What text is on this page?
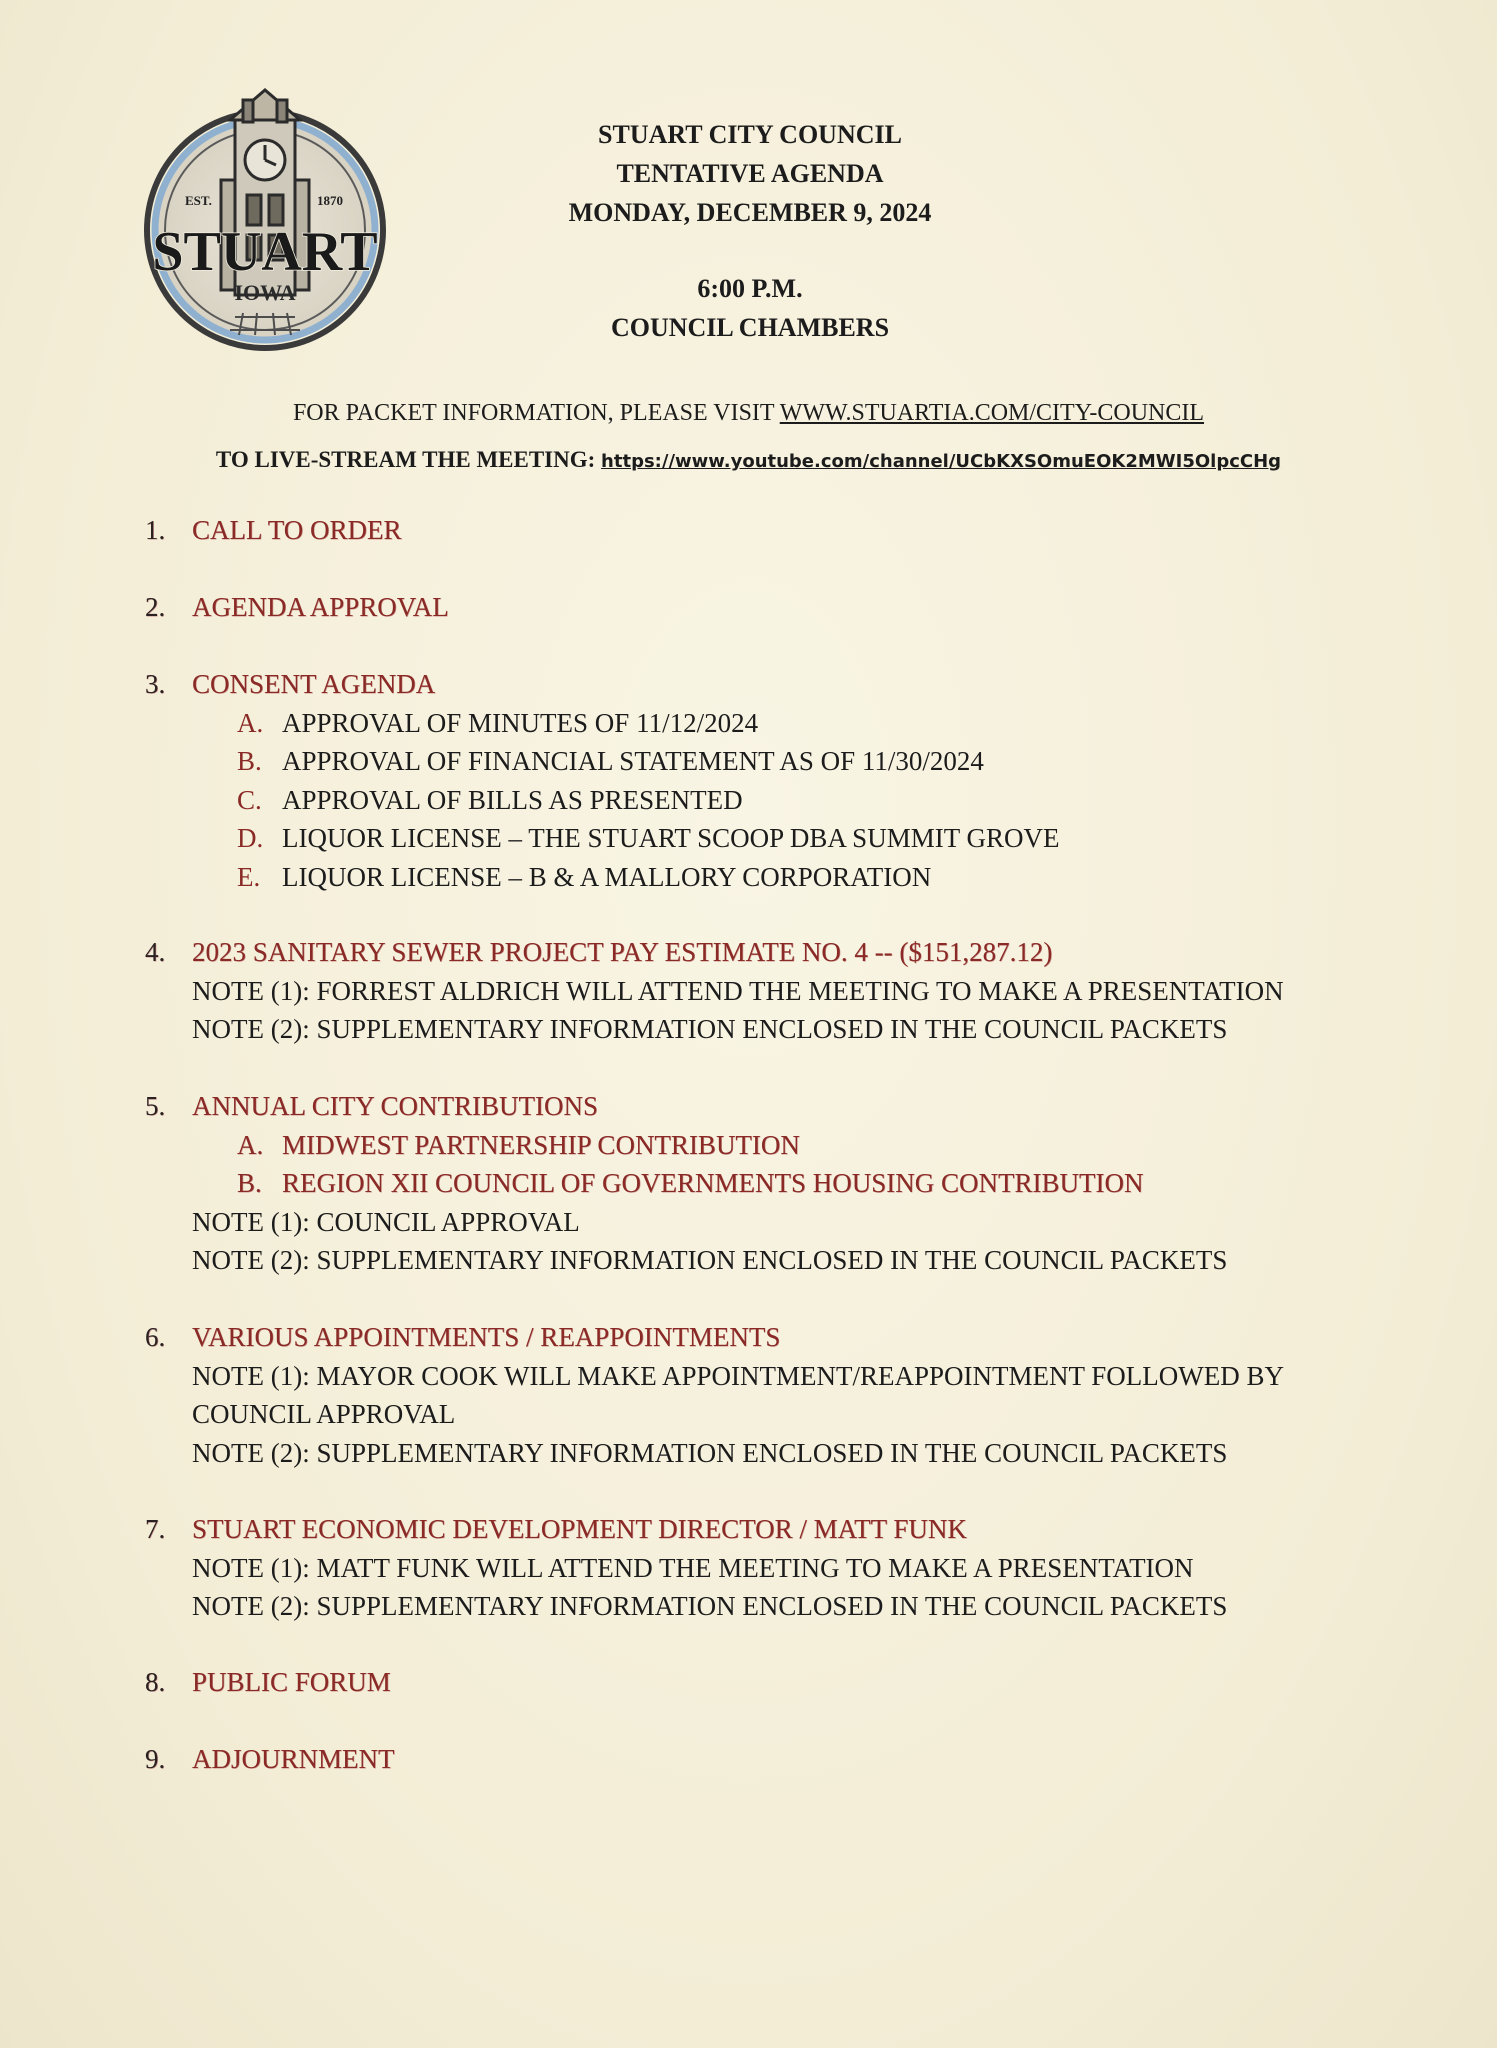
EST.	1870
STUART
IOWA
STUART CITY COUNCIL
TENTATIVE AGENDA
MONDAY, DECEMBER 9, 2024
6:00 P.M.
COUNCIL CHAMBERS
FOR PACKET INFORMATION, PLEASE VISIT WWW.STUARTIA.COM/CITY-COUNCIL
TO LIVE-STREAM THE MEETING: https://www.youtube.com/channel/UCbKXSOmuEOK2MWI5OlpcCHg
1. CALL TO ORDER
2. AGENDA APPROVAL
3. CONSENT AGENDA
A. APPROVAL OF MINUTES OF 11/12/2024
B. APPROVAL OF FINANCIAL STATEMENT AS OF 11/30/2024
C. APPROVAL OF BILLS AS PRESENTED
D. LIQUOR LICENSE – THE STUART SCOOP DBA SUMMIT GROVE
E. LIQUOR LICENSE – B & A MALLORY CORPORATION
4. 2023 SANITARY SEWER PROJECT PAY ESTIMATE NO. 4 -- ($151,287.12)
NOTE (1): FORREST ALDRICH WILL ATTEND THE MEETING TO MAKE A PRESENTATION
NOTE (2): SUPPLEMENTARY INFORMATION ENCLOSED IN THE COUNCIL PACKETS
5. ANNUAL CITY CONTRIBUTIONS
A. MIDWEST PARTNERSHIP CONTRIBUTION
B. REGION XII COUNCIL OF GOVERNMENTS HOUSING CONTRIBUTION
NOTE (1): COUNCIL APPROVAL
NOTE (2): SUPPLEMENTARY INFORMATION ENCLOSED IN THE COUNCIL PACKETS
6. VARIOUS APPOINTMENTS / REAPPOINTMENTS
NOTE (1): MAYOR COOK WILL MAKE APPOINTMENT/REAPPOINTMENT FOLLOWED BY COUNCIL APPROVAL
NOTE (2): SUPPLEMENTARY INFORMATION ENCLOSED IN THE COUNCIL PACKETS
7. STUART ECONOMIC DEVELOPMENT DIRECTOR / MATT FUNK
NOTE (1): MATT FUNK WILL ATTEND THE MEETING TO MAKE A PRESENTATION
NOTE (2): SUPPLEMENTARY INFORMATION ENCLOSED IN THE COUNCIL PACKETS
8. PUBLIC FORUM
9. ADJOURNMENT
